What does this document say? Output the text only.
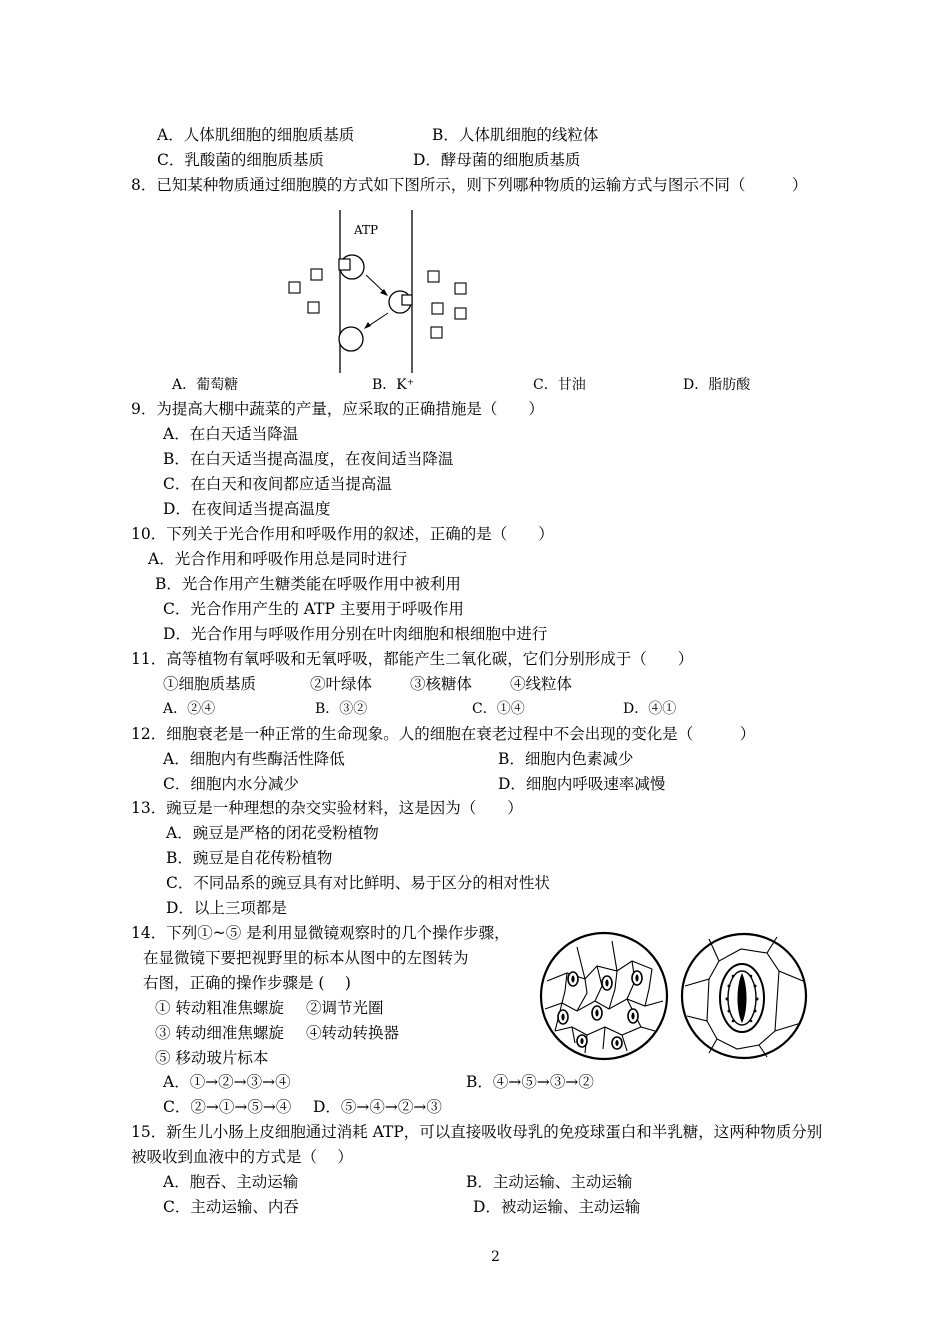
A．人体肌细胞的细胞质基质	B．人体肌细胞的线粒体
C．乳酸菌的细胞质基质	D．酵母菌的细胞质基质
8．已知某种物质通过细胞膜的方式如下图所示，则下列哪种物质的运输方式与图示不同（　　　）
ATP
A．葡萄糖	B．K⁺	C．甘油	D．脂肪酸
9．为提高大棚中蔬菜的产量，应采取的正确措施是（　　）
A．在白天适当降温
B．在白天适当提高温度，在夜间适当降温
C．在白天和夜间都应适当提高温
D．在夜间适当提高温度
10．下列关于光合作用和呼吸作用的叙述，正确的是（　　）
A．光合作用和呼吸作用总是同时进行
B．光合作用产生糖类能在呼吸作用中被利用
C．光合作用产生的 ATP 主要用于呼吸作用
D．光合作用与呼吸作用分别在叶肉细胞和根细胞中进行
11．高等植物有氧呼吸和无氧呼吸，都能产生二氧化碳，它们分别形成于（　　）
①细胞质基质	②叶绿体 ③核糖体 ④线粒体
A．②④	B．③②	C．①④	D．④①
12．细胞衰老是一种正常的生命现象。人的细胞在衰老过程中不会出现的变化是（　　　）
A．细胞内有些酶活性降低	B．细胞内色素减少
C．细胞内水分减少	D．细胞内呼吸速率减慢
13．豌豆是一种理想的杂交实验材料，这是因为（　　）
A．豌豆是严格的闭花受粉植物
B．豌豆是自花传粉植物
C．不同品系的豌豆具有对比鲜明、易于区分的相对性状
D．以上三项都是
14．下列①~⑤ 是利用显微镜观察时的几个操作步骤，
在显微镜下要把视野里的标本从图中的左图转为
右图，正确的操作步骤是 (　 )
① 转动粗准焦螺旋 ②调节光圈
③ 转动细准焦螺旋 ④转动转换器
⑤ 移动玻片标本
A．①→②→③→④	B．④→⑤→③→②
C．②→①→⑤→④ D．⑤→④→②→③
15．新生儿小肠上皮细胞通过消耗 ATP，可以直接吸收母乳的免疫球蛋白和半乳糖，这两种物质分别
被吸收到血液中的方式是（　 ）
A．胞吞、主动运输	B．主动运输、主动运输
C．主动运输、内吞	D．被动运输、主动运输
2
